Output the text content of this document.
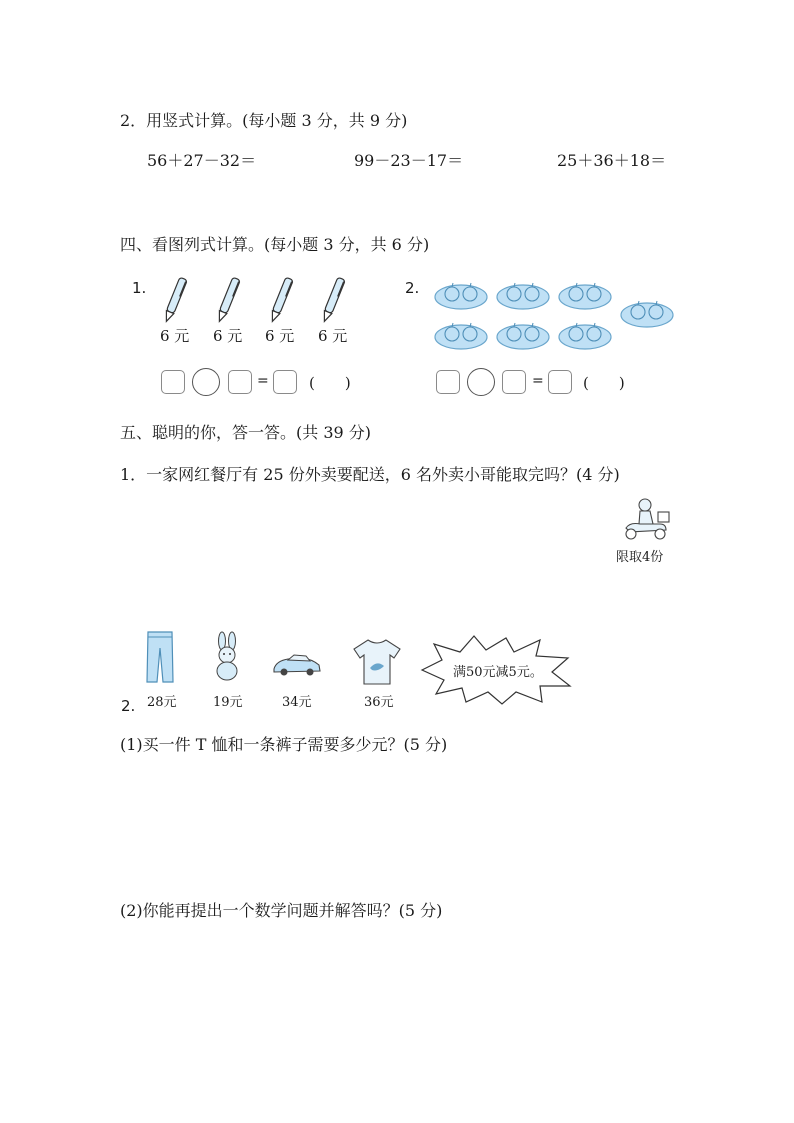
2．用竖式计算。(每小题 3 分，共 9 分)
56＋27－32＝	99－23－17＝	25＋36＋18＝
四、看图列式计算。(每小题 3 分，共 6 分)
1.
6 元 6 元 6 元 6 元
=	(　　)
2.
=	(　　)
五、聪明的你，答一答。(共 39 分)
1．一家网红餐厅有 25 份外卖要配送，6 名外卖小哥能取完吗？(4 分)
限取4份
28元	19元	34元	36元
满50元减5元。
2.
(1)买一件 T 恤和一条裤子需要多少元？(5 分)
(2)你能再提出一个数学问题并解答吗？(5 分)
